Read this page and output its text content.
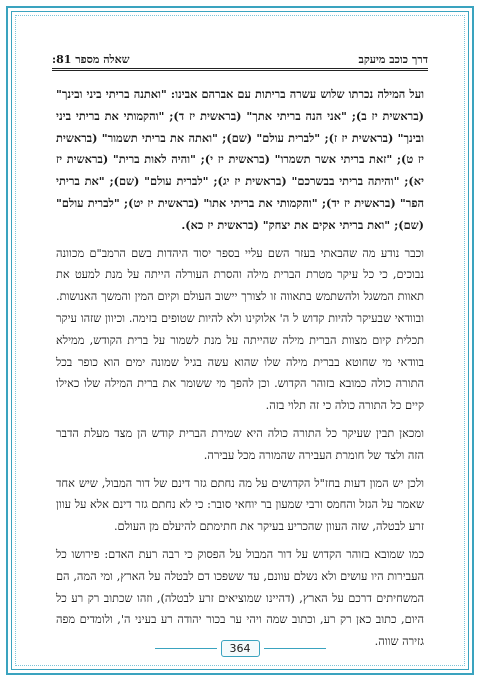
דרך כוכב מיעקב
שאלה מספר 81:

ועל המילה נכרתו שלוש עשרה בריתות עם אברהם אבינו: "ואתנה בריתי ביני ובינך" (בראשית יז ב); "אני הנה בריתי אתך" (בראשית יז ד); "והקמותי את בריתי ביני ובינך" (בראשית יז ז); "לברית עולם" (שם); "ואתה את בריתי תשמור" (בראשית יז ט); "זאת בריתי אשר תשמרו" (בראשית יז י); "והיה לאות ברית" (בראשית יז יא); "והיתה בריתי בבשרכם" (בראשית יז יג); "לברית עולם" (שם); "את בריתי הפר" (בראשית יז יד); "והקמותי את בריתי אתו" (בראשית יז יט); "לברית עולם" (שם); "ואת בריתי אקים את יצחק" (בראשית יז כא).

וכבר נודע מה שהבאתי בעזר השם עליי בספר יסוד היהדות בשם הרמב"ם מכוונה נבוכים, כי כל עיקר מטרת הברית מילה והסרת העורלה הייתה על מנת למעט את תאוות המשגל ולהשתמש בתאווה זו לצורך יישוב העולם וקיום המין והמשך האנושות. ובוודאי שבעיקר להיות קדוש ל ה' אלוקינו ולא להיות שטופים בזימה. וכיוון שזהו עיקר תכלית קיום מצוות הברית מילה שהייתה על מנת לשמור על ברית הקודש, ממילא בוודאי מי שחוטא בברית מילה שלו שהוא עשה בגיל שמונה ימים הוא כופר בכל התורה כולה כמובא בזוהר הקדוש. וכן להפך מי ששומר את ברית המילה שלו כאילו קיים כל התורה כולה כי זה תלוי בזה.

ומכאן תבין שעיקר כל התורה כולה היא שמירת הברית קודש הן מצד מעלת הדבר הזה ולצד של חומרת העבירה שהמורה מכל עבירה.

ולכן יש המון דעות בחז"ל הקדושים על מה נחתם גזר דינם של דור המבול, שיש אחד שאמר על הגזל והחמס ורבי שמעון בר יוחאי סובר: כי לא נחתם גזר דינם אלא על עוון זרע לבטלה, שזה העוון שהכריע בעיקר את חתימתם להיעלם מן העולם.

כמו שמובא בזוהר הקדוש על דור המבול על הפסוק כי רבה רעת האדם: פירושו כל העבירות היו עושים ולא נשלם עוונם, עד ששפכו דם לבטלה על הארץ, ומי המה, הם המשחיתים דרכם על הארץ, (דהיינו שמוציאים זרע לבטלה), וזהו שכתוב רק רע כל היום, כתוב כאן רק רע, וכתוב שמה ויהי ער בכור יהודה רע בעיני ה', ולומדים מפה גזירה שווה.

364
